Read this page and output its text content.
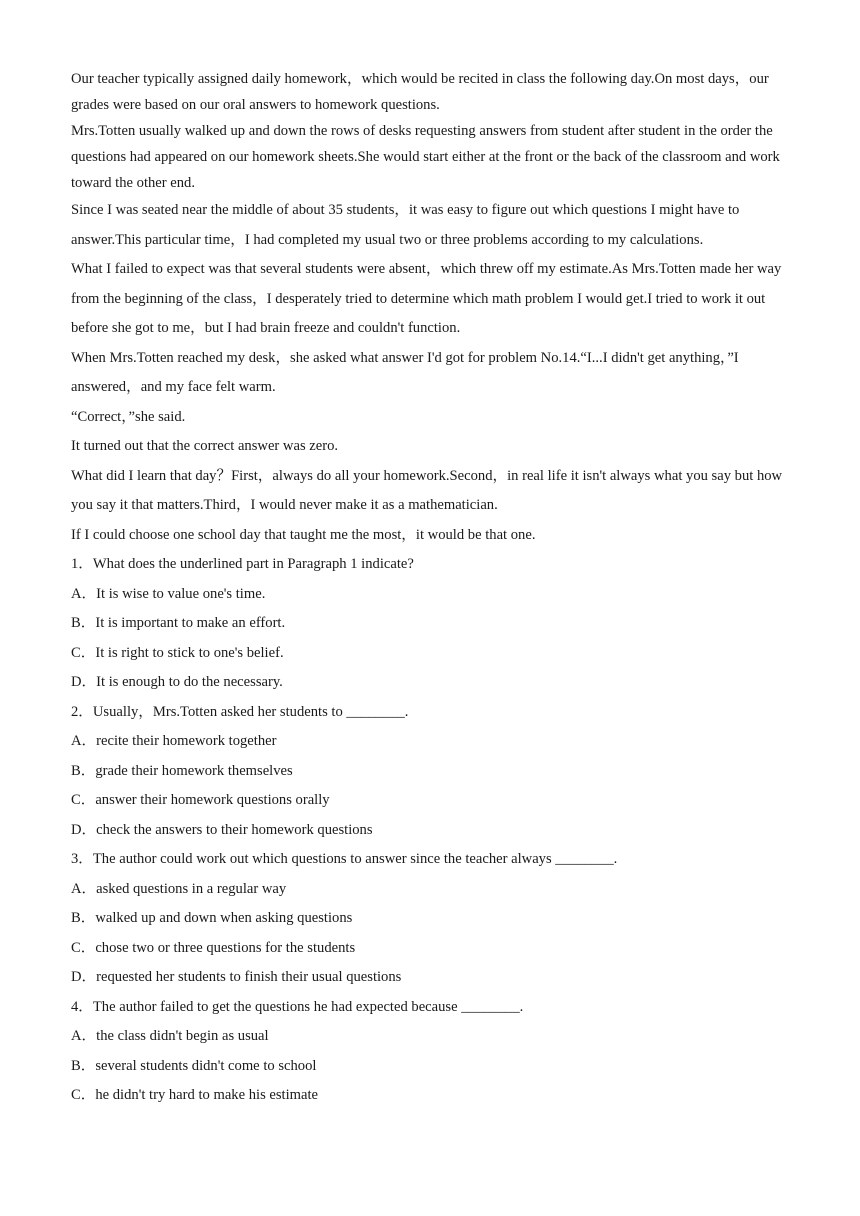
Our teacher typically assigned daily homework，which would be recited in class the following day.On most days，our grades were based on our oral answers to homework questions.

Mrs.Totten usually walked up and down the rows of desks requesting answers from student after student in the order the questions had appeared on our homework sheets.She would start either at the front or the back of the classroom and work toward the other end.

Since I was seated near the middle of about 35 students，it was easy to figure out which questions I might have to answer.This particular time，I had completed my usual two or three problems according to my calculations.

What I failed to expect was that several students were absent，which threw off my estimate.As Mrs.Totten made her way from the beginning of the class，I desperately tried to determine which math problem I would get.I tried to work it out before she got to me，but I had brain freeze and couldn't function.

When Mrs.Totten reached my desk，she asked what answer I'd got for problem No.14.“I...I didn't get anything，”I answered，and my face felt warm.

“Correct，”she said.

It turned out that the correct answer was zero.

What did I learn that day？First，always do all your homework.Second，in real life it isn't always what you say but how you say it that matters.Third，I would never make it as a mathematician.

If I could choose one school day that taught me the most，it would be that one.

1．What does the underlined part in Paragraph 1 indicate?

A．It is wise to value one's time.

B．It is important to make an effort.

C．It is right to stick to one's belief.

D．It is enough to do the necessary.

2．Usually，Mrs.Totten asked her students to ________.

A．recite their homework together

B．grade their homework themselves

C．answer their homework questions orally

D．check the answers to their homework questions

3．The author could work out which questions to answer since the teacher always ________.

A．asked questions in a regular way

B．walked up and down when asking questions

C．chose two or three questions for the students

D．requested her students to finish their usual questions

4．The author failed to get the questions he had expected because ________.

A．the class didn't begin as usual

B．several students didn't come to school

C．he didn't try hard to make his estimate
